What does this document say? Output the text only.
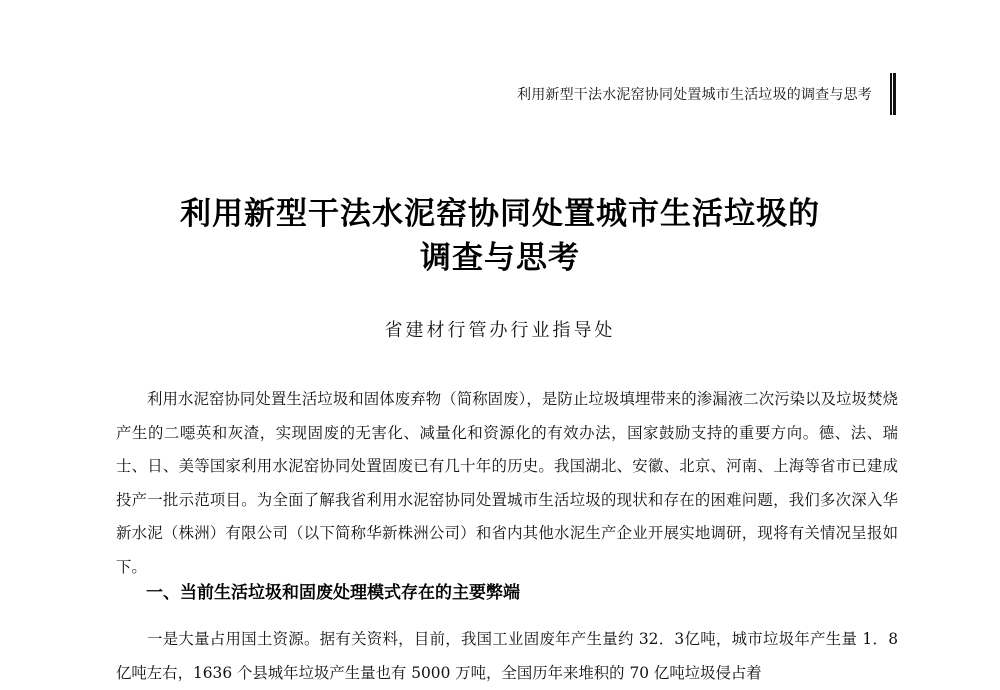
利用新型干法水泥窑协同处置城市生活垃圾的调查与思考
利用新型干法水泥窑协同处置城市生活垃圾的
调查与思考
省建材行管办行业指导处
利用水泥窑协同处置生活垃圾和固体废弃物（简称固废），是防止垃圾填埋带来的渗漏液二次污染以及垃圾焚烧产生的二噁英和灰渣，实现固废的无害化、减量化和资源化的有效办法，国家鼓励支持的重要方向。德、法、瑞士、日、美等国家利用水泥窑协同处置固废已有几十年的历史。我国湖北、安徽、北京、河南、上海等省市已建成投产一批示范项目。为全面了解我省利用水泥窑协同处置城市生活垃圾的现状和存在的困难问题，我们多次深入华新水泥（株洲）有限公司（以下简称华新株洲公司）和省内其他水泥生产企业开展实地调研，现将有关情况呈报如下。
一、当前生活垃圾和固废处理模式存在的主要弊端
一是大量占用国土资源。据有关资料，目前，我国工业固废年产生量约 32．3亿吨，城市垃圾年产生量 1．8亿吨左右，1636 个县城年垃圾产生量也有 5000 万吨，全国历年来堆积的 70 亿吨垃圾侵占着
